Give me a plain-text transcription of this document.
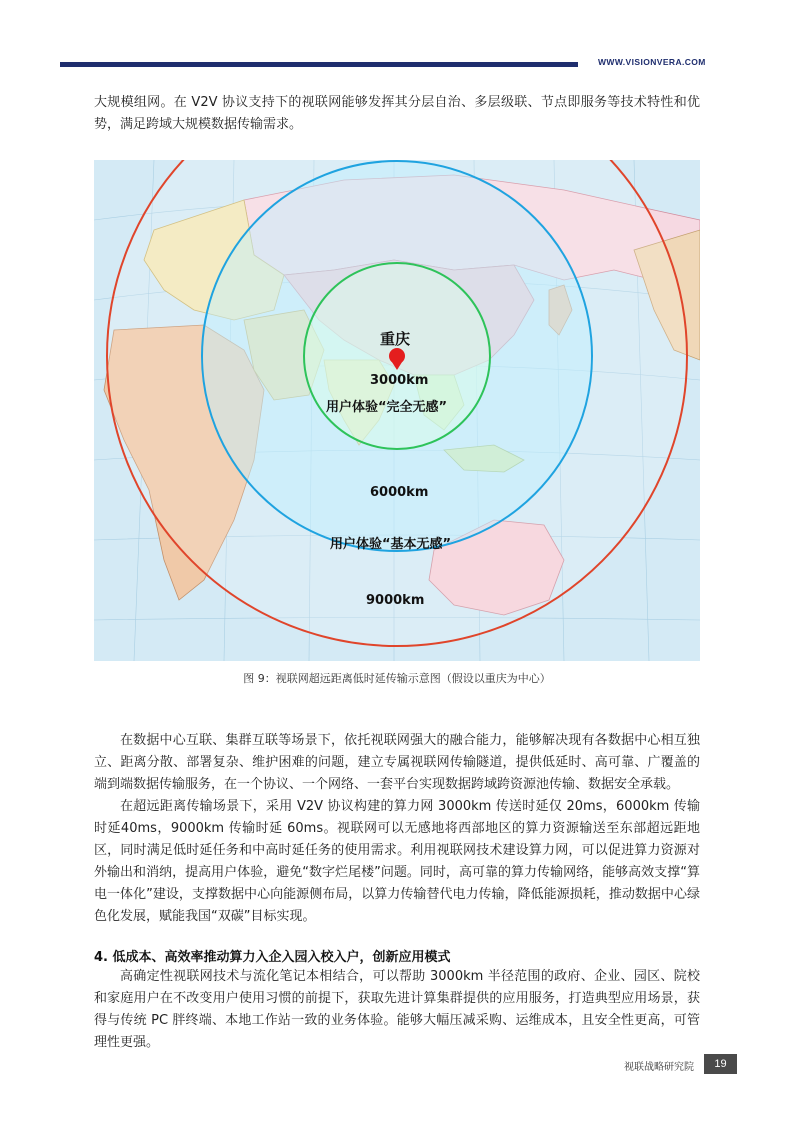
WWW.VISIONVERA.COM

大规模组网。在 V2V 协议支持下的视联网能够发挥其分层自治、多层级联、节点即服务等技术特性和优势，满足跨域大规模数据传输需求。

重庆
3000km
用户体验“完全无感”
6000km
用户体验“基本无感”
9000km
图 9：视联网超远距离低时延传输示意图（假设以重庆为中心）

在数据中心互联、集群互联等场景下，依托视联网强大的融合能力，能够解决现有各数据中心相互独立、距离分散、部署复杂、维护困难的问题，建立专属视联网传输隧道，提供低延时、高可靠、广覆盖的端到端数据传输服务，在一个协议、一个网络、一套平台实现数据跨域跨资源池传输、数据安全承载。

在超远距离传输场景下，采用 V2V 协议构建的算力网 3000km 传送时延仅 20ms，6000km 传输时延40ms，9000km 传输时延 60ms。视联网可以无感地将西部地区的算力资源输送至东部超远距地区，同时满足低时延任务和中高时延任务的使用需求。利用视联网技术建设算力网，可以促进算力资源对外输出和消纳，提高用户体验，避免“数字烂尾楼”问题。同时，高可靠的算力传输网络，能够高效支撑“算电一体化”建设，支撑数据中心向能源侧布局，以算力传输替代电力传输，降低能源损耗，推动数据中心绿色化发展，赋能我国“双碳”目标实现。

4. 低成本、高效率推动算力入企入园入校入户，创新应用模式

高确定性视联网技术与流化笔记本相结合，可以帮助 3000km 半径范围的政府、企业、园区、院校和家庭用户在不改变用户使用习惯的前提下，获取先进计算集群提供的应用服务，打造典型应用场景，获得与传统 PC 胖终端、本地工作站一致的业务体验。能够大幅压减采购、运维成本，且安全性更高，可管理性更强。

视联战略研究院	19
